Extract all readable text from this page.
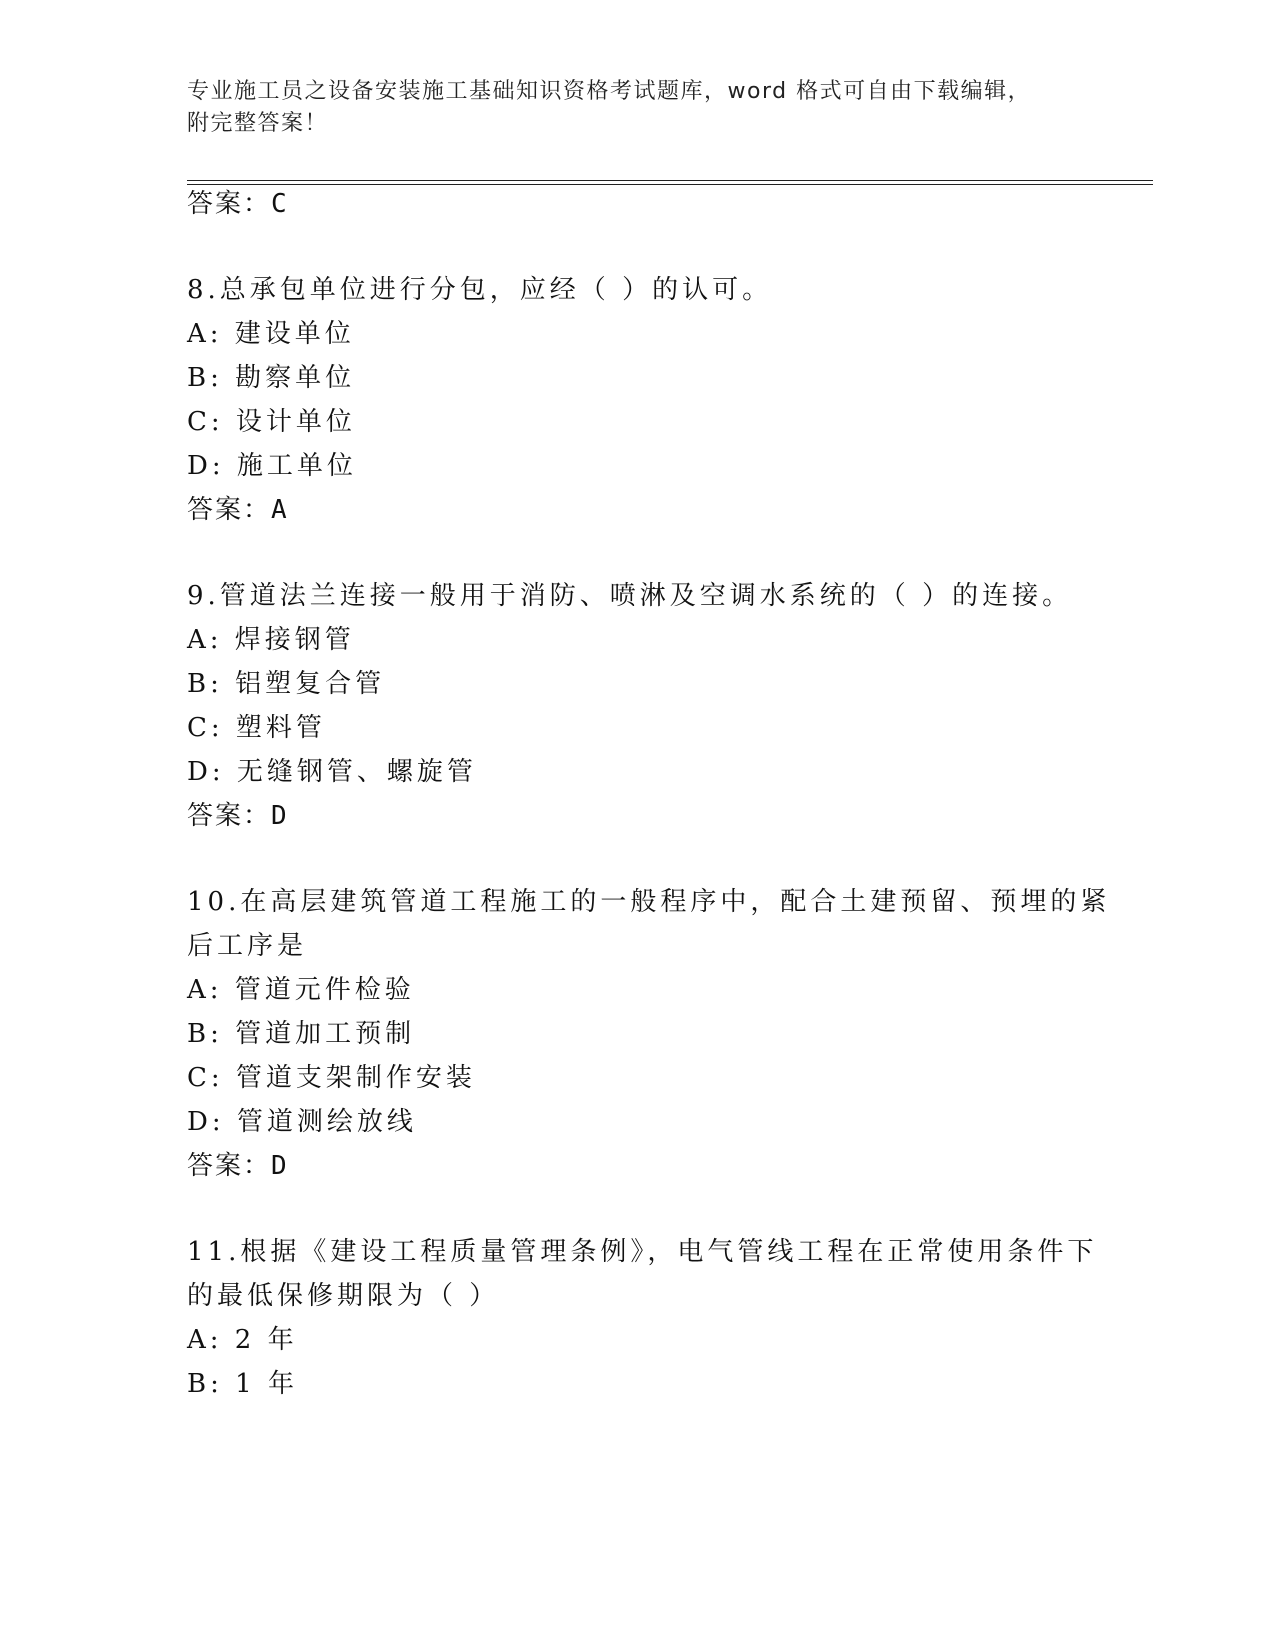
专业施工员之设备安装施工基础知识资格考试题库，word 格式可自由下载编辑，
附完整答案！
答案：C
8.总承包单位进行分包，应经（ ）的认可。
A: 建设单位
B: 勘察单位
C: 设计单位
D: 施工单位
答案：A
9.管道法兰连接一般用于消防、喷淋及空调水系统的（ ）的连接。
A: 焊接钢管
B: 铝塑复合管
C: 塑料管
D: 无缝钢管、螺旋管
答案：D
10.在高层建筑管道工程施工的一般程序中，配合土建预留、预埋的紧
后工序是
A: 管道元件检验
B: 管道加工预制
C: 管道支架制作安装
D: 管道测绘放线
答案：D
11.根据《建设工程质量管理条例》，电气管线工程在正常使用条件下
的最低保修期限为（ ）
A: 2 年
B: 1 年
